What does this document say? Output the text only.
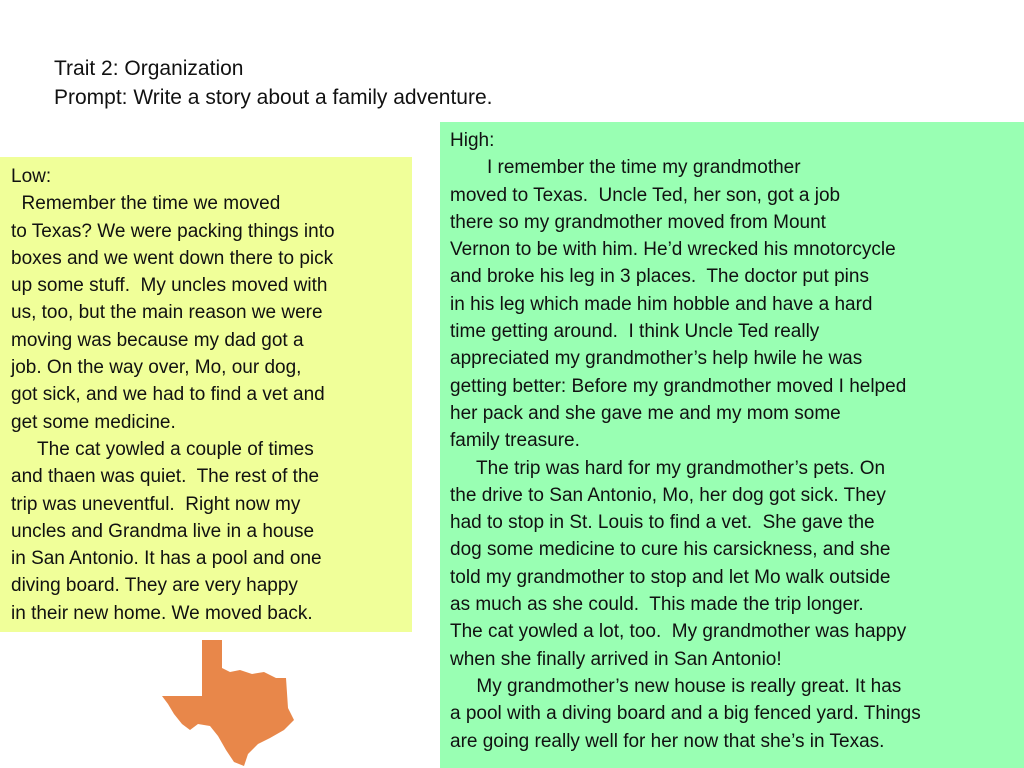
Trait 2: Organization
Prompt: Write a story about a family adventure.
Low:
Remember the time we moved
to Texas? We were packing things into
boxes and we went down there to pick
up some stuff.  My uncles moved with
us, too, but the main reason we were
moving was because my dad got a
job. On the way over, Mo, our dog,
got sick, and we had to find a vet and
get some medicine.
The cat yowled a couple of times
and thaen was quiet.  The rest of the
trip was uneventful.  Right now my
uncles and Grandma live in a house
in San Antonio. It has a pool and one
diving board. They are very happy
in their new home. We moved back.
High:
I remember the time my grandmother
moved to Texas.  Uncle Ted, her son, got a job
there so my grandmother moved from Mount
Vernon to be with him. He’d wrecked his mnotorcycle
and broke his leg in 3 places.  The doctor put pins
in his leg which made him hobble and have a hard
time getting around.  I think Uncle Ted really
appreciated my grandmother’s help hwile he was
getting better: Before my grandmother moved I helped
her pack and she gave me and my mom some
family treasure.
The trip was hard for my grandmother’s pets. On
the drive to San Antonio, Mo, her dog got sick. They
had to stop in St. Louis to find a vet.  She gave the
dog some medicine to cure his carsickness, and she
told my grandmother to stop and let Mo walk outside
as much as she could.  This made the trip longer.
The cat yowled a lot, too.  My grandmother was happy
when she finally arrived in San Antonio!
My grandmother’s new house is really great. It has
a pool with a diving board and a big fenced yard. Things
are going really well for her now that she’s in Texas.
